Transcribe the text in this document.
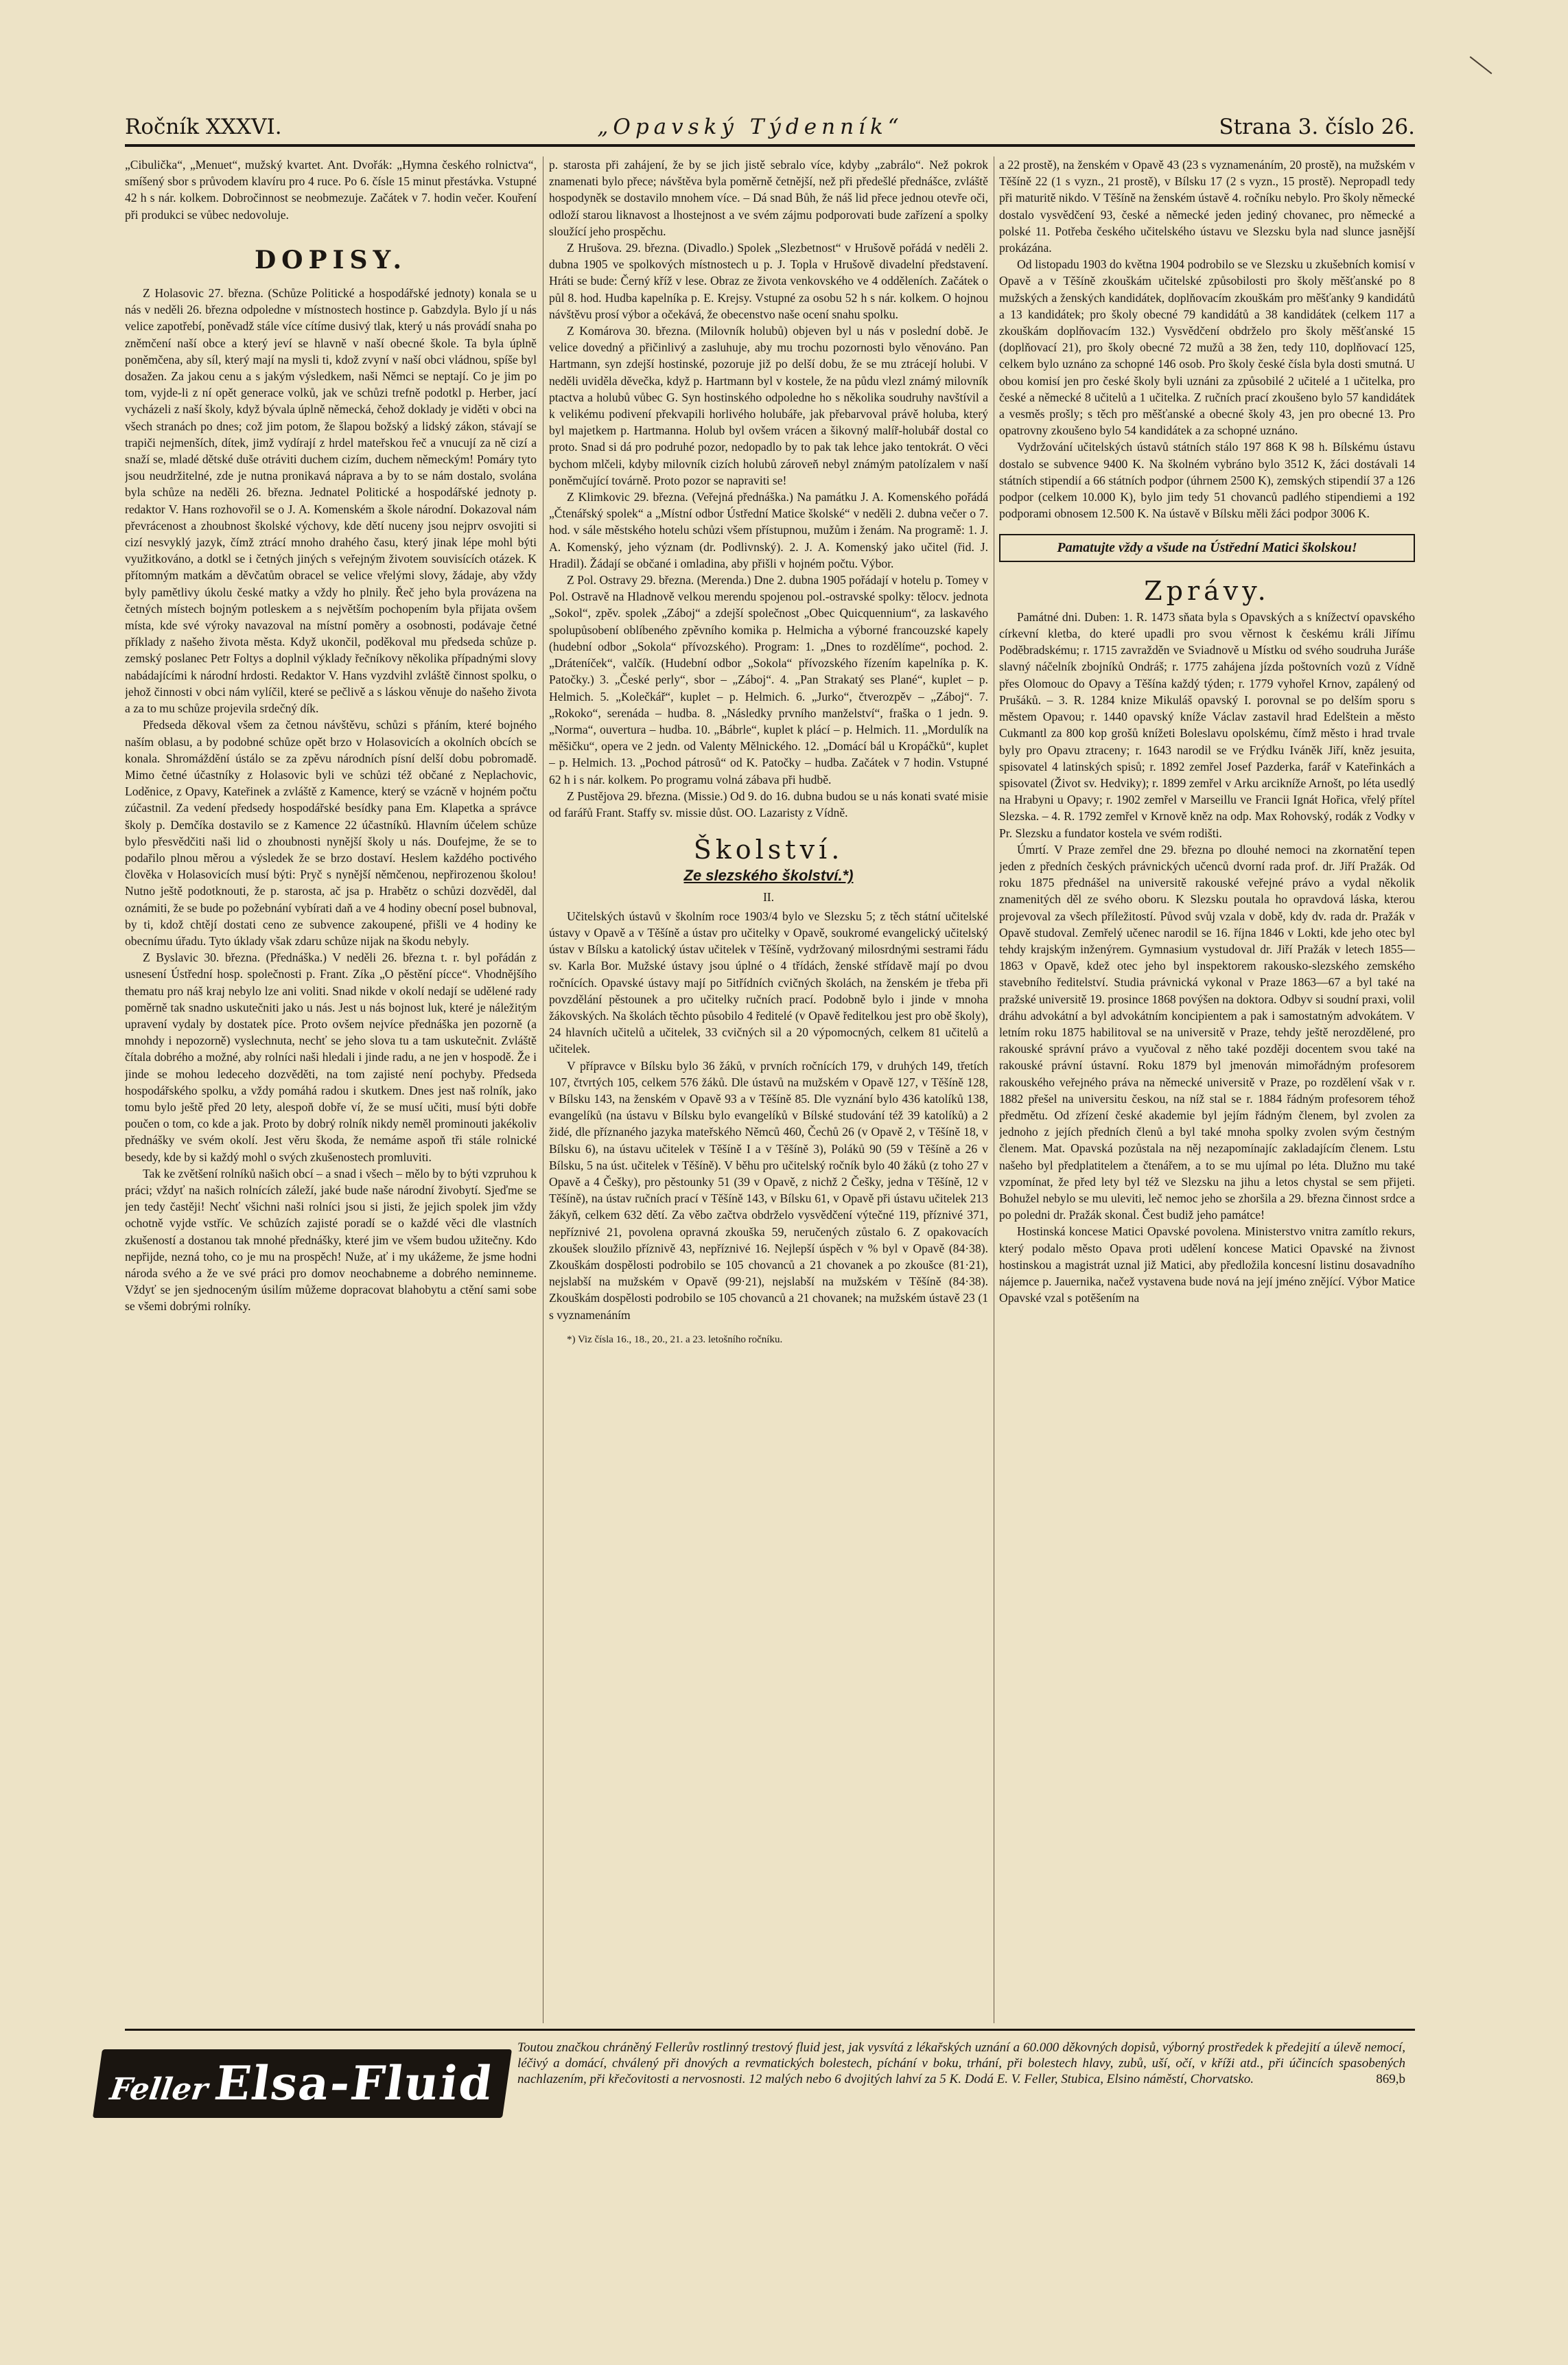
Ročník XXXVI.	„Opavský Týdenník“	Strana 3. číslo 26.

„Cibulička“, „Menuet“, mužský kvartet. Ant. Dvořák: „Hymna českého rolnictva“, smíšený sbor s průvodem klavíru pro 4 ruce. Po 6. čísle 15 minut přestávka. Vstupné 42 h s nár. kolkem. Dobročinnost se neobmezuje. Začátek v 7. hodin večer. Kouření při produkci se vůbec nedovoluje.

DOPISY.

Z Holasovic 27. března. (Schůze Politické a hospodářské jednoty) konala se u nás v neděli 26. března odpoledne v místnostech hostince p. Gabzdyla. Bylo jí u nás velice zapotřebí, poněvadž stále více cítíme dusivý tlak, který u nás provádí snaha po zněmčení naší obce a který jeví se hlavně v naší obecné škole. Ta byla úplně poněmčena, aby síl, který mají na mysli ti, kdož zvyní v naší obci vládnou, spíše byl dosažen. Za jakou cenu a s jakým výsledkem, naši Němci se neptají. Co je jim po tom, vyjde-li z ní opět generace volků, jak ve schůzi trefně podotkl p. Herber, jací vycházeli z naší školy, když bývala úplně německá, čehož doklady je viděti v obci na všech stranách po dnes; což jim potom, že šlapou božský a lidský zákon, stávají se trapiči nejmenších, dítek, jimž vydírají z hrdel mateřskou řeč a vnucují za ně cizí a snaží se, mladé dětské duše otráviti duchem cizím, duchem německým! Pomáry tyto jsou neudržitelné, zde je nutna pronikavá náprava a by to se nám dostalo, svolána byla schůze na neděli 26. března. Jednatel Politické a hospodářské jednoty p. redaktor V. Hans rozhovořil se o J. A. Komenském a škole národní. Dokazoval nám převrácenost a zhoubnost školské výchovy, kde dětí nuceny jsou nejprv osvojiti si cizí nesvyklý jazyk, čímž ztrácí mnoho drahého času, který jinak lépe mohl býti využitkováno, a dotkl se i četných jiných s veřejným životem souvisících otázek. K přítomným matkám a děvčatům obracel se velice vřelými slovy, žádaje, aby vždy byly pamětlivy úkolu české matky a vždy ho plnily. Řeč jeho byla provázena na četných místech bojným potleskem a s největším pochopením byla přijata ovšem místa, kde své výroky navazoval na místní poměry a osobnosti, podávaje četné příklady z našeho života města. Když ukončil, poděkoval mu předseda schůze p. zemský poslanec Petr Foltys a doplnil výklady řečníkovy několika případnými slovy nabádajícími k národní hrdosti. Redaktor V. Hans vyzdvihl zvláště činnost spolku, o jehož činnosti v obci nám vylíčil, které se pečlivě a s láskou věnuje do našeho života a za to mu schůze projevila srdečný dík.

Předseda děkoval všem za četnou návštěvu, schůzi s přáním, které bojného naším oblasu, a by podobné schůze opět brzo v Holasovicích a okolních obcích se konala. Shromáždění ústálo se za zpěvu národních písní delší dobu pobromadě. Mimo četné účastníky z Holasovic byli ve schůzi též občané z Neplachovic, Loděnice, z Opavy, Kateřinek a zvláště z Kamence, který se vzácně v hojném počtu zúčastnil. Za vedení předsedy hospodářské besídky pana Em. Klapetka a správce školy p. Demčíka dostavilo se z Kamence 22 účastníků. Hlavním účelem schůze bylo přesvědčiti naši lid o zhoubnosti nynější školy u nás. Doufejme, že se to podařilo plnou měrou a výsledek že se brzo dostaví. Heslem každého poctivého člověka v Holasovicích musí býti: Pryč s nynější němčenou, nepřirozenou školou! Nutno ještě podotknouti, že p. starosta, ač jsa p. Hrabětz o schůzi dozvěděl, dal oznámiti, že se bude po požebnání vybírati daň a ve 4 hodiny obecní posel bubnoval, by ti, kdož chtějí dostati ceno ze subvence zakoupené, přišli ve 4 hodiny ke obecnímu úřadu. Tyto úklady však zdaru schůze nijak na škodu nebyly.

Z Byslavic 30. března. (Přednáška.) V neděli 26. března t. r. byl pořádán z usnesení Ústřední hosp. společnosti p. Frant. Zíka „O pěstění pícce“. Vhodnějšího thematu pro náš kraj nebylo lze ani voliti. Snad nikde v okolí nedají se udělené rady poměrně tak snadno uskutečniti jako u nás. Jest u nás bojnost luk, které je náležitým upravení vydaly by dostatek píce. Proto ovšem nejvíce přednáška jen pozorně (a mnohdy i nepozorně) vyslechnuta, nechť se jeho slova tu a tam uskutečnit. Zvláště čítala dobrého a možné, aby rolníci naši hledali i jinde radu, a ne jen v hospodě. Že i jinde se mohou ledeceho dozvěděti, na tom zajisté není pochyby. Předseda hospodářského spolku, a vždy pomáhá radou i skutkem. Dnes jest naš rolník, jako tomu bylo ještě před 20 lety, alespoň dobře ví, že se musí učiti, musí býti dobře poučen o tom, co kde a jak. Proto by dobrý rolník nikdy neměl prominouti jakékoliv přednášky ve svém okolí. Jest věru škoda, že nemáme aspoň tři stále rolnické besedy, kde by si každý mohl o svých zkušenostech promluviti.

Tak ke zvětšení rolníků našich obcí – a snad i všech – mělo by to býti vzpruhou k práci; vždyť na našich rolnících záleží, jaké bude naše národní živobytí. Sjeďme se jen tedy častěji! Nechť všichni naši rolníci jsou si jisti, že jejich spolek jim vždy ochotně vyjde vstříc. Ve schůzích zajisté poradí se o každé věci dle vlastních zkušeností a dostanou tak mnohé přednášky, které jim ve všem budou užitečny. Kdo nepřijde, nezná toho, co je mu na prospěch! Nuže, ať i my ukážeme, že jsme hodni národa svého a že ve své práci pro domov neochabneme a dobrého neminneme. Vždyť se jen sjednoceným úsilím můžeme dopracovat blahobytu a ctění sami sobe se všemi dobrými rolníky.

p. starosta při zahájení, že by se jich jistě sebralo více, kdyby „zabrálo“. Než pokrok znamenati bylo přece; návštěva byla poměrně četnější, než při předešlé přednášce, zvláště hospodyněk se dostavilo mnohem více. – Dá snad Bůh, že náš lid přece jednou otevře oči, odloží starou liknavost a lhostejnost a ve svém zájmu podporovati bude zařízení a spolky sloužící jeho prospěchu.

Z Hrušova. 29. března. (Divadlo.) Spolek „Slezbetnost“ v Hrušově pořádá v neděli 2. dubna 1905 ve spolkových místnostech u p. J. Topla v Hrušově divadelní představení. Hráti se bude: Černý kříž v lese. Obraz ze života venkovského ve 4 odděleních. Začátek o půl 8. hod. Hudba kapelníka p. E. Krejsy. Vstupné za osobu 52 h s nár. kolkem. O hojnou návštěvu prosí výbor a očekává, že obecenstvo naše ocení snahu spolku.

Z Komárova 30. března. (Milovník holubů) objeven byl u nás v poslední době. Je velice dovedný a přičinlivý a zasluhuje, aby mu trochu pozornosti bylo věnováno. Pan Hartmann, syn zdejší hostinské, pozoruje již po delší dobu, že se mu ztrácejí holubi. V neděli uviděla děvečka, když p. Hartmann byl v kostele, že na půdu vlezl známý milovník ptactva a holubů vůbec G. Syn hostinského odpoledne ho s několika soudruhy navštívil a k velikému podivení překvapili horlivého holubáře, jak přebarvoval právě holuba, který byl majetkem p. Hartmanna. Holub byl ovšem vrácen a šikovný malíř-holubář dostal co proto. Snad si dá pro podruhé pozor, nedopadlo by to pak tak lehce jako tentokrát. O věci bychom mlčeli, kdyby milovník cizích holubů zároveň nebyl známým patolízalem v naší poněmčující továrně. Proto pozor se napraviti se!

Z Klimkovic 29. března. (Veřejná přednáška.) Na památku J. A. Komenského pořádá „Čtenářský spolek“ a „Místní odbor Ústřední Matice školské“ v neděli 2. dubna večer o 7. hod. v sále městského hotelu schůzi všem přístupnou, mužům i ženám. Na programě: 1. J. A. Komenský, jeho význam (dr. Podlivnský). 2. J. A. Komenský jako učitel (řid. J. Hradil). Žádají se občané i omladina, aby přišli v hojném počtu. Výbor.

Z Pol. Ostravy 29. března. (Merenda.) Dne 2. dubna 1905 pořádají v hotelu p. Tomey v Pol. Ostravě na Hladnově velkou merendu spojenou pol.-ostravské spolky: tělocv. jednota „Sokol“, zpěv. spolek „Záboj“ a zdejší společnost „Obec Quicquennium“, za laskavého spolupůsobení oblíbeného zpěvního komika p. Helmicha a výborné francouzské kapely (hudební odbor „Sokola“ přívozského). Program: 1. „Dnes to rozdělíme“, pochod. 2. „Dráteníček“, valčík. (Hudební odbor „Sokola“ přívozského řízením kapelníka p. K. Patočky.) 3. „České perly“, sbor – „Záboj“. 4. „Pan Strakatý ses Plané“, kuplet – p. Helmich. 5. „Kolečkář“, kuplet – p. Helmich. 6. „Jurko“, čtverozpěv – „Záboj“. 7. „Rokoko“, serenáda – hudba. 8. „Následky prvního manželství“, fraška o 1 jedn. 9. „Norma“, ouvertura – hudba. 10. „Bábrle“, kuplet k plácí – p. Helmich. 11. „Mordulík na měšičku“, opera ve 2 jedn. od Valenty Mělnického. 12. „Domácí bál u Kropáčků“, kuplet – p. Helmich. 13. „Pochod pátrosů“ od K. Patočky – hudba. Začátek v 7 hodin. Vstupné 62 h i s nár. kolkem. Po programu volná zábava při hudbě.

Z Pustějova 29. března. (Missie.) Od 9. do 16. dubna budou se u nás konati svaté misie od farářů Frant. Staffy sv. missie důst. OO. Lazaristy z Vídně.

Školství.
Ze slezského školství.*)
II.

Učitelských ústavů v školním roce 1903/4 bylo ve Slezsku 5; z těch státní učitelské ústavy v Opavě a v Těšíně a ústav pro učitelky v Opavě, soukromé evangelický učitelský ústav v Bílsku a katolický ústav učitelek v Těšíně, vydržovaný milosrdnými sestrami řádu sv. Karla Bor. Mužské ústavy jsou úplné o 4 třídách, ženské střídavě mají po dvou ročnících. Opavské ústavy mají po 5itřídních cvičných školách, na ženském je třeba při povzdělání pěstounek a pro učitelky ručních prací. Podobně bylo i jinde v mnoha žákovských. Na školách těchto působilo 4 ředitelé (v Opavě ředitelkou jest pro obě školy), 24 hlavních učitelů a učitelek, 33 cvičných sil a 20 výpomocných, celkem 81 učitelů a učitelek.

V přípravce v Bílsku bylo 36 žáků, v prvních ročnících 179, v druhých 149, třetích 107, čtvrtých 105, celkem 576 žáků. Dle ústavů na mužském v Opavě 127, v Těšíně 128, v Bílsku 143, na ženském v Opavě 93 a v Těšíně 85. Dle vyznání bylo 436 katolíků 138, evangelíků (na ústavu v Bílsku bylo evangelíků v Bílské studování též 39 katolíků) a 2 židé, dle příznaného jazyka mateřského Němců 460, Čechů 26 (v Opavě 2, v Těšíně 18, v Bílsku 6), na ústavu učitelek v Těšíně I a v Těšíně 3), Poláků 90 (59 v Těšíně a 26 v Bílsku, 5 na úst. učitelek v Těšíně). V běhu pro učitelský ročník bylo 40 žáků (z toho 27 v Opavě a 4 Češky), pro pěstounky 51 (39 v Opavě, z nichž 2 Češky, jedna v Těšíně, 12 v Těšíně), na ústav ručních prací v Těšíně 143, v Bílsku 61, v Opavě při ústavu učitelek 213 žákyň, celkem 632 dětí. Za věbo začtva obdrželo vysvědčení výtečné 119, příznivé 371, nepříznivé 21, povolena opravná zkouška 59, neručených zůstalo 6. Z opakovacích zkoušek sloužilo příznivě 43, nepříznivé 16. Nejlepší úspěch v % byl v Opavě (84·38). Zkouškám dospělosti podrobilo se 105 chovanců a 21 chovanek a po zkoušce (81·21), nejslabší na mužském v Opavě (99·21), nejslabší na mužském v Těšíně (84·38). Zkouškám dospělosti podrobilo se 105 chovanců a 21 chovanek; na mužském ústavě 23 (1 s vyznamenáním

*) Viz čísla 16., 18., 20., 21. a 23. letošního ročníku.

a 22 prostě), na ženském v Opavě 43 (23 s vyznamenáním, 20 prostě), na mužském v Těšíně 22 (1 s vyzn., 21 prostě), v Bílsku 17 (2 s vyzn., 15 prostě). Nepropadl tedy při maturitě nikdo. V Těšíně na ženském ústavě 4. ročníku nebylo. Pro školy německé dostalo vysvědčení 93, české a německé jeden jediný chovanec, pro německé a polské 11. Potřeba českého učitelského ústavu ve Slezsku byla nad slunce jasnější prokázána.

Od listopadu 1903 do května 1904 podrobilo se ve Slezsku u zkušebních komisí v Opavě a v Těšíně zkouškám učitelské způsobilosti pro školy měšťanské po 8 mužských a ženských kandidátek, doplňovacím zkouškám pro měšťanky 9 kandidátů a 13 kandidátek; pro školy obecné 79 kandidátů a 38 kandidátek (celkem 117 a zkouškám doplňovacím 132.) Vysvědčení obdrželo pro školy měšťanské 15 (doplňovací 21), pro školy obecné 72 mužů a 38 žen, tedy 110, doplňovací 125, celkem bylo uznáno za schopné 146 osob. Pro školy české čísla byla dosti smutná. U obou komisí jen pro české školy byli uznáni za způsobilé 2 učitelé a 1 učitelka, pro české a německé 8 učitelů a 1 učitelka. Z ručních prací zkoušeno bylo 57 kandidátek a vesměs prošly; s těch pro měšťanské a obecné školy 43, jen pro obecné 13. Pro opatrovny zkoušeno bylo 54 kandidátek a za schopné uznáno.

Vydržování učitelských ústavů státních stálo 197 868 K 98 h. Bílskému ústavu dostalo se subvence 9400 K. Na školném vybráno bylo 3512 K, žáci dostávali 14 státních stipendií a 66 státních podpor (úhrnem 2500 K), zemských stipendií 37 a 126 podpor (celkem 10.000 K), bylo jim tedy 51 chovanců padlého stipendiemi a 192 podporami obnosem 12.500 K. Na ústavě v Bílsku měli žáci podpor 3006 K.

Pamatujte vždy a všude na Ústřední Matici školskou!
Zprávy.

Památné dni. Duben: 1. R. 1473 sňata byla s Opavských a s knížectví opavského církevní kletba, do které upadli pro svou věrnost k českému králi Jiřímu Poděbradskému; r. 1715 zavražděn ve Sviadnově u Místku od svého soudruha Juráše slavný náčelník zbojníků Ondráš; r. 1775 zahájena jízda poštovních vozů z Vídně přes Olomouc do Opavy a Těšína každý týden; r. 1779 vyhořel Krnov, zapálený od Prušáků. – 3. R. 1284 knize Mikuláš opavský I. porovnal se po delším sporu s městem Opavou; r. 1440 opavský kníže Václav zastavil hrad Edelštein a město Cukmantl za 800 kop grošů knížeti Boleslavu opolskému, čímž město i hrad trvale byly pro Opavu ztraceny; r. 1643 narodil se ve Frýdku Iváněk Jiří, kněz jesuita, spisovatel 4 latinských spisů; r. 1892 zemřel Josef Pazderka, farář v Kateřinkách a spisovatel (Život sv. Hedviky); r. 1899 zemřel v Arku arcikníže Arnošt, po léta usedlý na Hrabyni u Opavy; r. 1902 zemřel v Marseillu ve Francii Ignát Hořica, vřelý přítel Slezska. – 4. R. 1792 zemřel v Krnově kněz na odp. Max Rohovský, rodák z Vodky v Pr. Slezsku a fundator kostela ve svém rodišti.

Úmrtí. V Praze zemřel dne 29. března po dlouhé nemoci na zkornatění tepen jeden z předních českých právnických učenců dvorní rada prof. dr. Jiří Pražák. Od roku 1875 přednášel na universitě rakouské veřejné právo a vydal několik znamenitých děl ze svého oboru. K Slezsku poutala ho opravdová láska, kterou projevoval za všech příležitostí. Původ svůj vzala v době, kdy dv. rada dr. Pražák v Opavě studoval. Zemřelý učenec narodil se 16. října 1846 v Lokti, kde jeho otec byl tehdy krajským inženýrem. Gymnasium vystudoval dr. Jiří Pražák v letech 1855—1863 v Opavě, kdež otec jeho byl inspektorem rakousko-slezského zemského stavebního ředitelství. Studia právnická vykonal v Praze 1863—67 a byl také na pražské universitě 19. prosince 1868 povýšen na doktora. Odbyv si soudní praxi, volil dráhu advokátní a byl advokátním koncipientem a pak i samostatným advokátem. V letním roku 1875 habilitoval se na universitě v Praze, tehdy ještě nerozdělené, pro rakouské správní právo a vyučoval z něho také později docentem svou také na rakouské právní ústavní. Roku 1879 byl jmenován mimořádným profesorem rakouského veřejného práva na německé universitě v Praze, po rozdělení však v r. 1882 přešel na universitu českou, na níž stal se r. 1884 řádným profesorem téhož předmětu. Od zřízení české akademie byl jejím řádným členem, byl zvolen za jednoho z jejích předních členů a byl také mnoha spolky zvolen svým čestným členem. Mat. Opavská pozůstala na něj nezapomínajíc zakladajícím členem. Lstu našeho byl předplatitelem a čtenářem, a to se mu ujímal po léta. Dlužno mu také vzpomínat, že před lety byl též ve Slezsku na jihu a letos chystal se sem přijeti. Bohužel nebylo se mu uleviti, leč nemoc jeho se zhoršila a 29. března činnost srdce a po poledni dr. Pražák skonal. Čest budiž jeho památce!

Hostinská koncese Matici Opavské povolena. Ministerstvo vnitra zamítlo rekurs, který podalo město Opava proti udělení koncese Matici Opavské na živnost hostinskou a magistrát uznal již Matici, aby předložila koncesní listinu dosavadního nájemce p. Jauernika, načež vystavena bude nová na její jméno znějící. Výbor Matice Opavské vzal s potěšením na

Feller Elsa-Fluid
Toutou značkou chráněný Fellerův rostlinný trestový fluid jest, jak vysvítá z lékařských uznání a 60.000 děkovných dopisů, výborný prostředek k předejití a úlevě nemocí, léčivý a domácí, chválený při dnových a revmatických bolestech, píchání v boku, trhání, při bolestech hlavy, zubů, uší, očí, v kříži atd., při účincích spasobených nachlazením, při křečovitosti a nervosnosti. 12 malých nebo 6 dvojitých lahví za 5 K. Dodá E. V. Feller, Stubica, Elsino náměstí, Chorvatsko.	869,b
